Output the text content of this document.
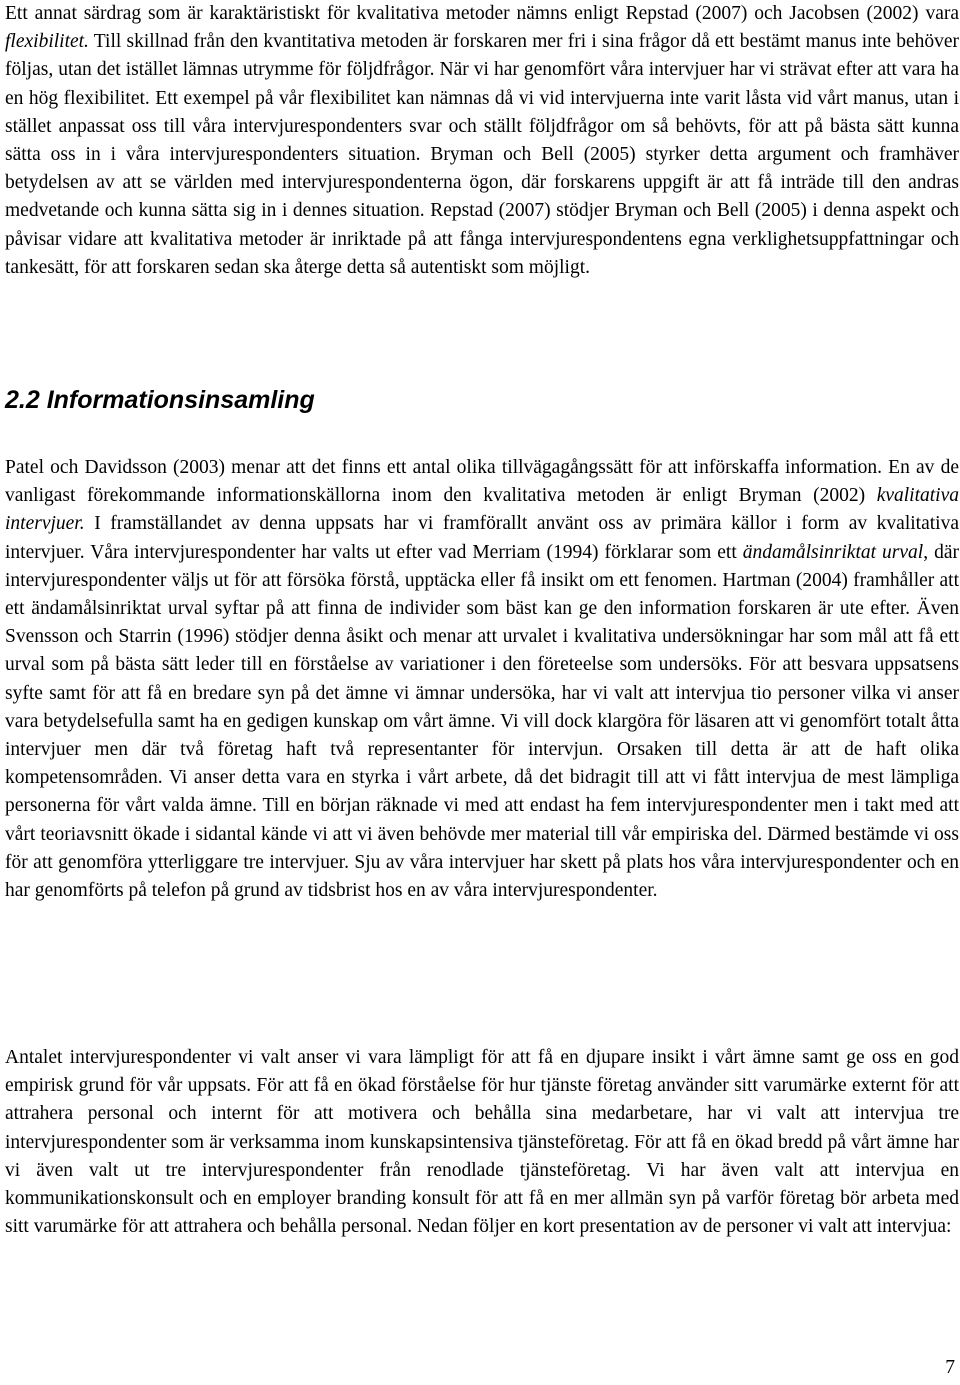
Ett annat särdrag som är karaktäristiskt för kvalitativa metoder nämns enligt Repstad (2007) och Jacobsen (2002) vara flexibilitet. Till skillnad från den kvantitativa metoden är forskaren mer fri i sina frågor då ett bestämt manus inte behöver följas, utan det istället lämnas utrymme för följdfrågor. När vi har genomfört våra intervjuer har vi strävat efter att vara ha en hög flexibilitet. Ett exempel på vår flexibilitet kan nämnas då vi vid intervjuerna inte varit låsta vid vårt manus, utan i stället anpassat oss till våra intervjurespondenters svar och ställt följdfrågor om så behövts, för att på bästa sätt kunna sätta oss in i våra intervjurespondenters situation. Bryman och Bell (2005) styrker detta argument och framhäver betydelsen av att se världen med intervjurespondenterna ögon, där forskarens uppgift är att få inträde till den andras medvetande och kunna sätta sig in i dennes situation. Repstad (2007) stödjer Bryman och Bell (2005) i denna aspekt och påvisar vidare att kvalitativa metoder är inriktade på att fånga intervjurespondentens egna verklighetsuppfattningar och tankesätt, för att forskaren sedan ska återge detta så autentiskt som möjligt.

2.2 Informationsinsamling

Patel och Davidsson (2003) menar att det finns ett antal olika tillvägagångssätt för att införskaffa information. En av de vanligast förekommande informationskällorna inom den kvalitativa metoden är enligt Bryman (2002) kvalitativa intervjuer. I framställandet av denna uppsats har vi framförallt använt oss av primära källor i form av kvalitativa intervjuer. Våra intervjurespondenter har valts ut efter vad Merriam (1994) förklarar som ett ändamålsinriktat urval, där intervjurespondenter väljs ut för att försöka förstå, upptäcka eller få insikt om ett fenomen. Hartman (2004) framhåller att ett ändamålsinriktat urval syftar på att finna de individer som bäst kan ge den information forskaren är ute efter. Även Svensson och Starrin (1996) stödjer denna åsikt och menar att urvalet i kvalitativa undersökningar har som mål att få ett urval som på bästa sätt leder till en förståelse av variationer i den företeelse som undersöks. För att besvara uppsatsens syfte samt för att få en bredare syn på det ämne vi ämnar undersöka, har vi valt att intervjua tio personer vilka vi anser vara betydelsefulla samt ha en gedigen kunskap om vårt ämne. Vi vill dock klargöra för läsaren att vi genomfört totalt åtta intervjuer men där två företag haft två representanter för intervjun. Orsaken till detta är att de haft olika kompetensområden. Vi anser detta vara en styrka i vårt arbete, då det bidragit till att vi fått intervjua de mest lämpliga personerna för vårt valda ämne. Till en början räknade vi med att endast ha fem intervjurespondenter men i takt med att vårt teoriavsnitt ökade i sidantal kände vi att vi även behövde mer material till vår empiriska del. Därmed bestämde vi oss för att genomföra ytterliggare tre intervjuer. Sju av våra intervjuer har skett på plats hos våra intervjurespondenter och en har genomförts på telefon på grund av tidsbrist hos en av våra intervjurespondenter.

Antalet intervjurespondenter vi valt anser vi vara lämpligt för att få en djupare insikt i vårt ämne samt ge oss en god empirisk grund för vår uppsats. För att få en ökad förståelse för hur tjänste företag använder sitt varumärke externt för att attrahera personal och internt för att motivera och behålla sina medarbetare, har vi valt att intervjua tre intervjurespondenter som är verksamma inom kunskapsintensiva tjänsteföretag. För att få en ökad bredd på vårt ämne har vi även valt ut tre intervjurespondenter från renodlade tjänsteföretag. Vi har även valt att intervjua en kommunikationskonsult och en employer branding konsult för att få en mer allmän syn på varför företag bör arbeta med sitt varumärke för att attrahera och behålla personal. Nedan följer en kort presentation av de personer vi valt att intervjua:

7
